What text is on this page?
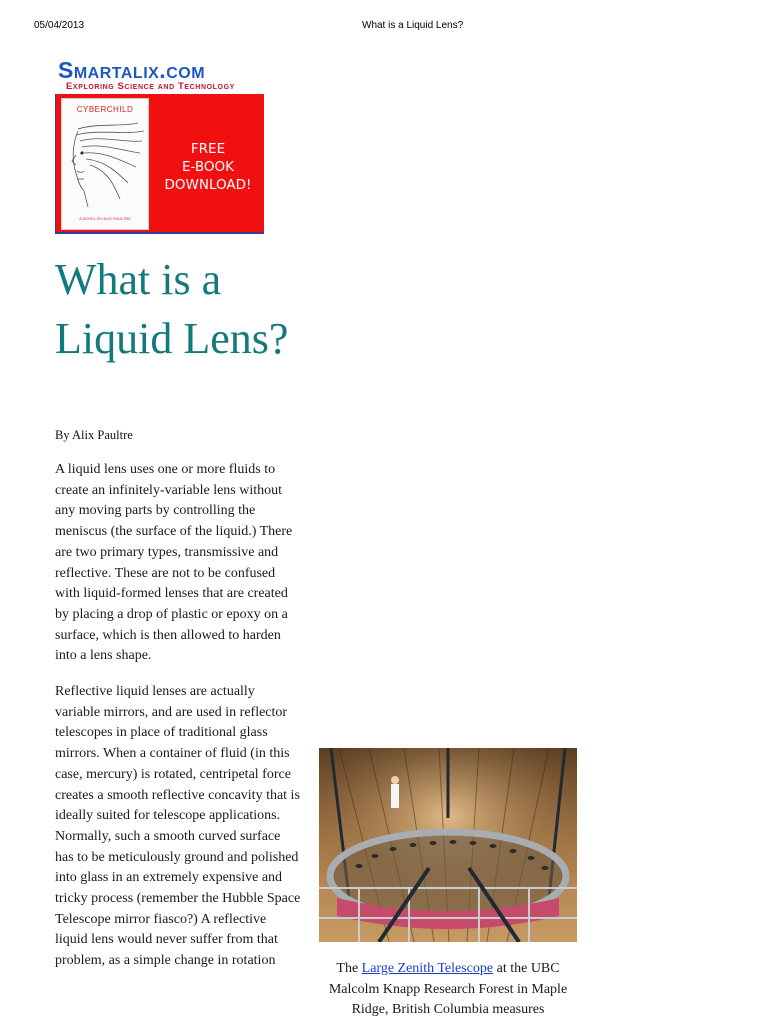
05/04/2013	What is a Liquid Lens?
Smartalix.com
Exploring Science and Technology
CYBERCHILD
A NOVEL BY ALIX PAULTRE
FREE
E-BOOK
DOWNLOAD!
What is a Liquid Lens?
By Alix Paultre

A liquid lens uses one or more fluids to create an infinitely-variable lens without any moving parts by controlling the meniscus (the surface of the liquid.) There are two primary types, transmissive and reflective. These are not to be confused with liquid-formed lenses that are created by placing a drop of plastic or epoxy on a surface, which is then allowed to harden into a lens shape.

Reflective liquid lenses are actually variable mirrors, and are used in reflector telescopes in place of traditional glass mirrors. When a container of fluid (in this case, mercury) is rotated, centripetal force creates a smooth reflective concavity that is ideally suited for telescope applications. Normally, such a smooth curved surface has to be meticulously ground and polished into glass in an extremely expensive and tricky process (remember the Hubble Space Telescope mirror fiasco?) A reflective liquid lens would never suffer from that problem, as a simple change in rotation

The Large Zenith Telescope at the UBC Malcolm Knapp Research Forest in Maple Ridge, British Columbia measures
